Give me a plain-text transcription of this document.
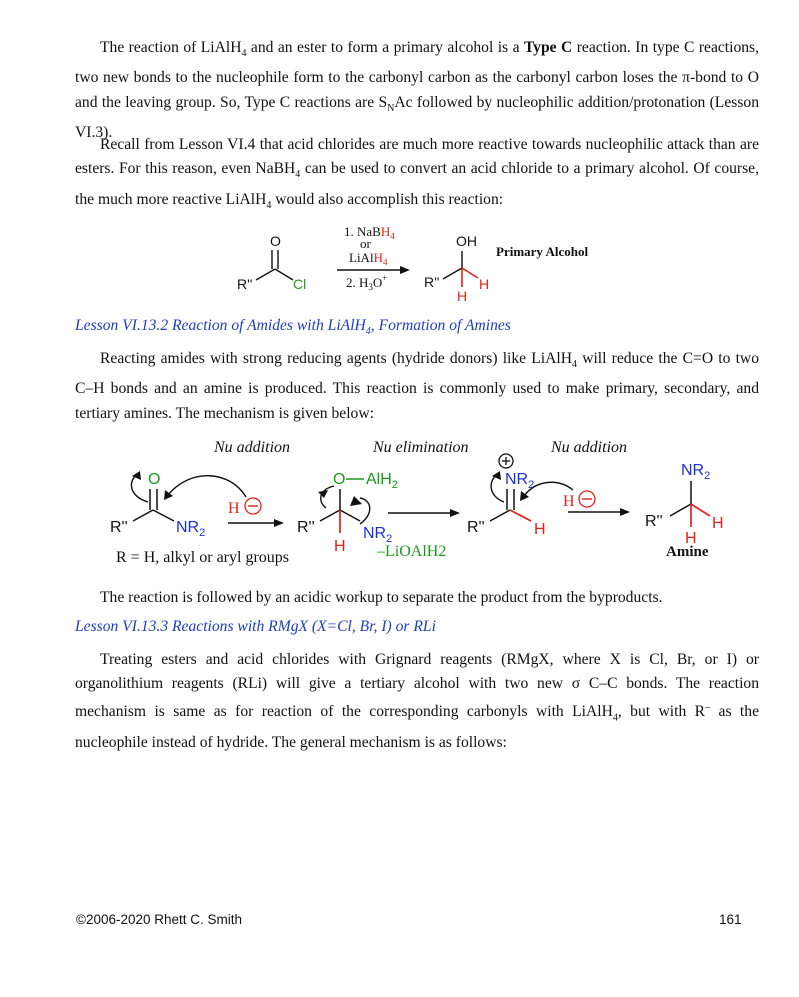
The reaction of LiAlH$_4$ and an ester to form a primary alcohol is a Type C reaction. In type C reactions, two new bonds to the nucleophile form to the carbonyl carbon as the carbonyl carbon loses the π-bond to O and the leaving group. So, Type C reactions are $S_NAc$ followed by nucleophilic addition/protonation (Lesson VI.3).

Recall from Lesson VI.4 that acid chlorides are much more reactive towards nucleophilic attack than are esters. For this reason, even NaBH$_4$ can be used to convert an acid chloride to a primary alcohol. Of course, the much more reactive LiAlH$_4$ would also accomplish this reaction:

O
R''	Cl
1. NaBH$_4$
or
LiAlH$_4$
2. $H_3O^+$
OH
R''	H
H
Primary Alcohol

Lesson VI.13.2 Reaction of Amides with LiAlH$_4$, Formation of Amines

Reacting amides with strong reducing agents (hydride donors) like LiAlH$_4$ will reduce the C=O to two C–H bonds and an amine is produced. This reaction is commonly used to make primary, secondary, and tertiary amines. The mechanism is given below:

Nu addition	Nu elimination	Nu addition
O
R''	$NR_2$
H
O AlH$_2$
R''	$NR_2$
H –LiOAlH2
$NR_2$
R''	H
H
$NR_2$
R''	H
H
Amine
R = H, alkyl or aryl groups

The reaction is followed by an acidic workup to separate the product from the byproducts.

Lesson VI.13.3 Reactions with RMgX (X=Cl, Br, I) or RLi

Treating esters and acid chlorides with Grignard reagents (RMgX, where X is Cl, Br, or I) or organolithium reagents (RLi) will give a tertiary alcohol with two new σ C–C bonds. The reaction mechanism is same as for reaction of the corresponding carbonyls with LiAlH$_4$, but with R– as the nucleophile instead of hydride. The general mechanism is as follows:

©2006-2020 Rhett C. Smith	161
